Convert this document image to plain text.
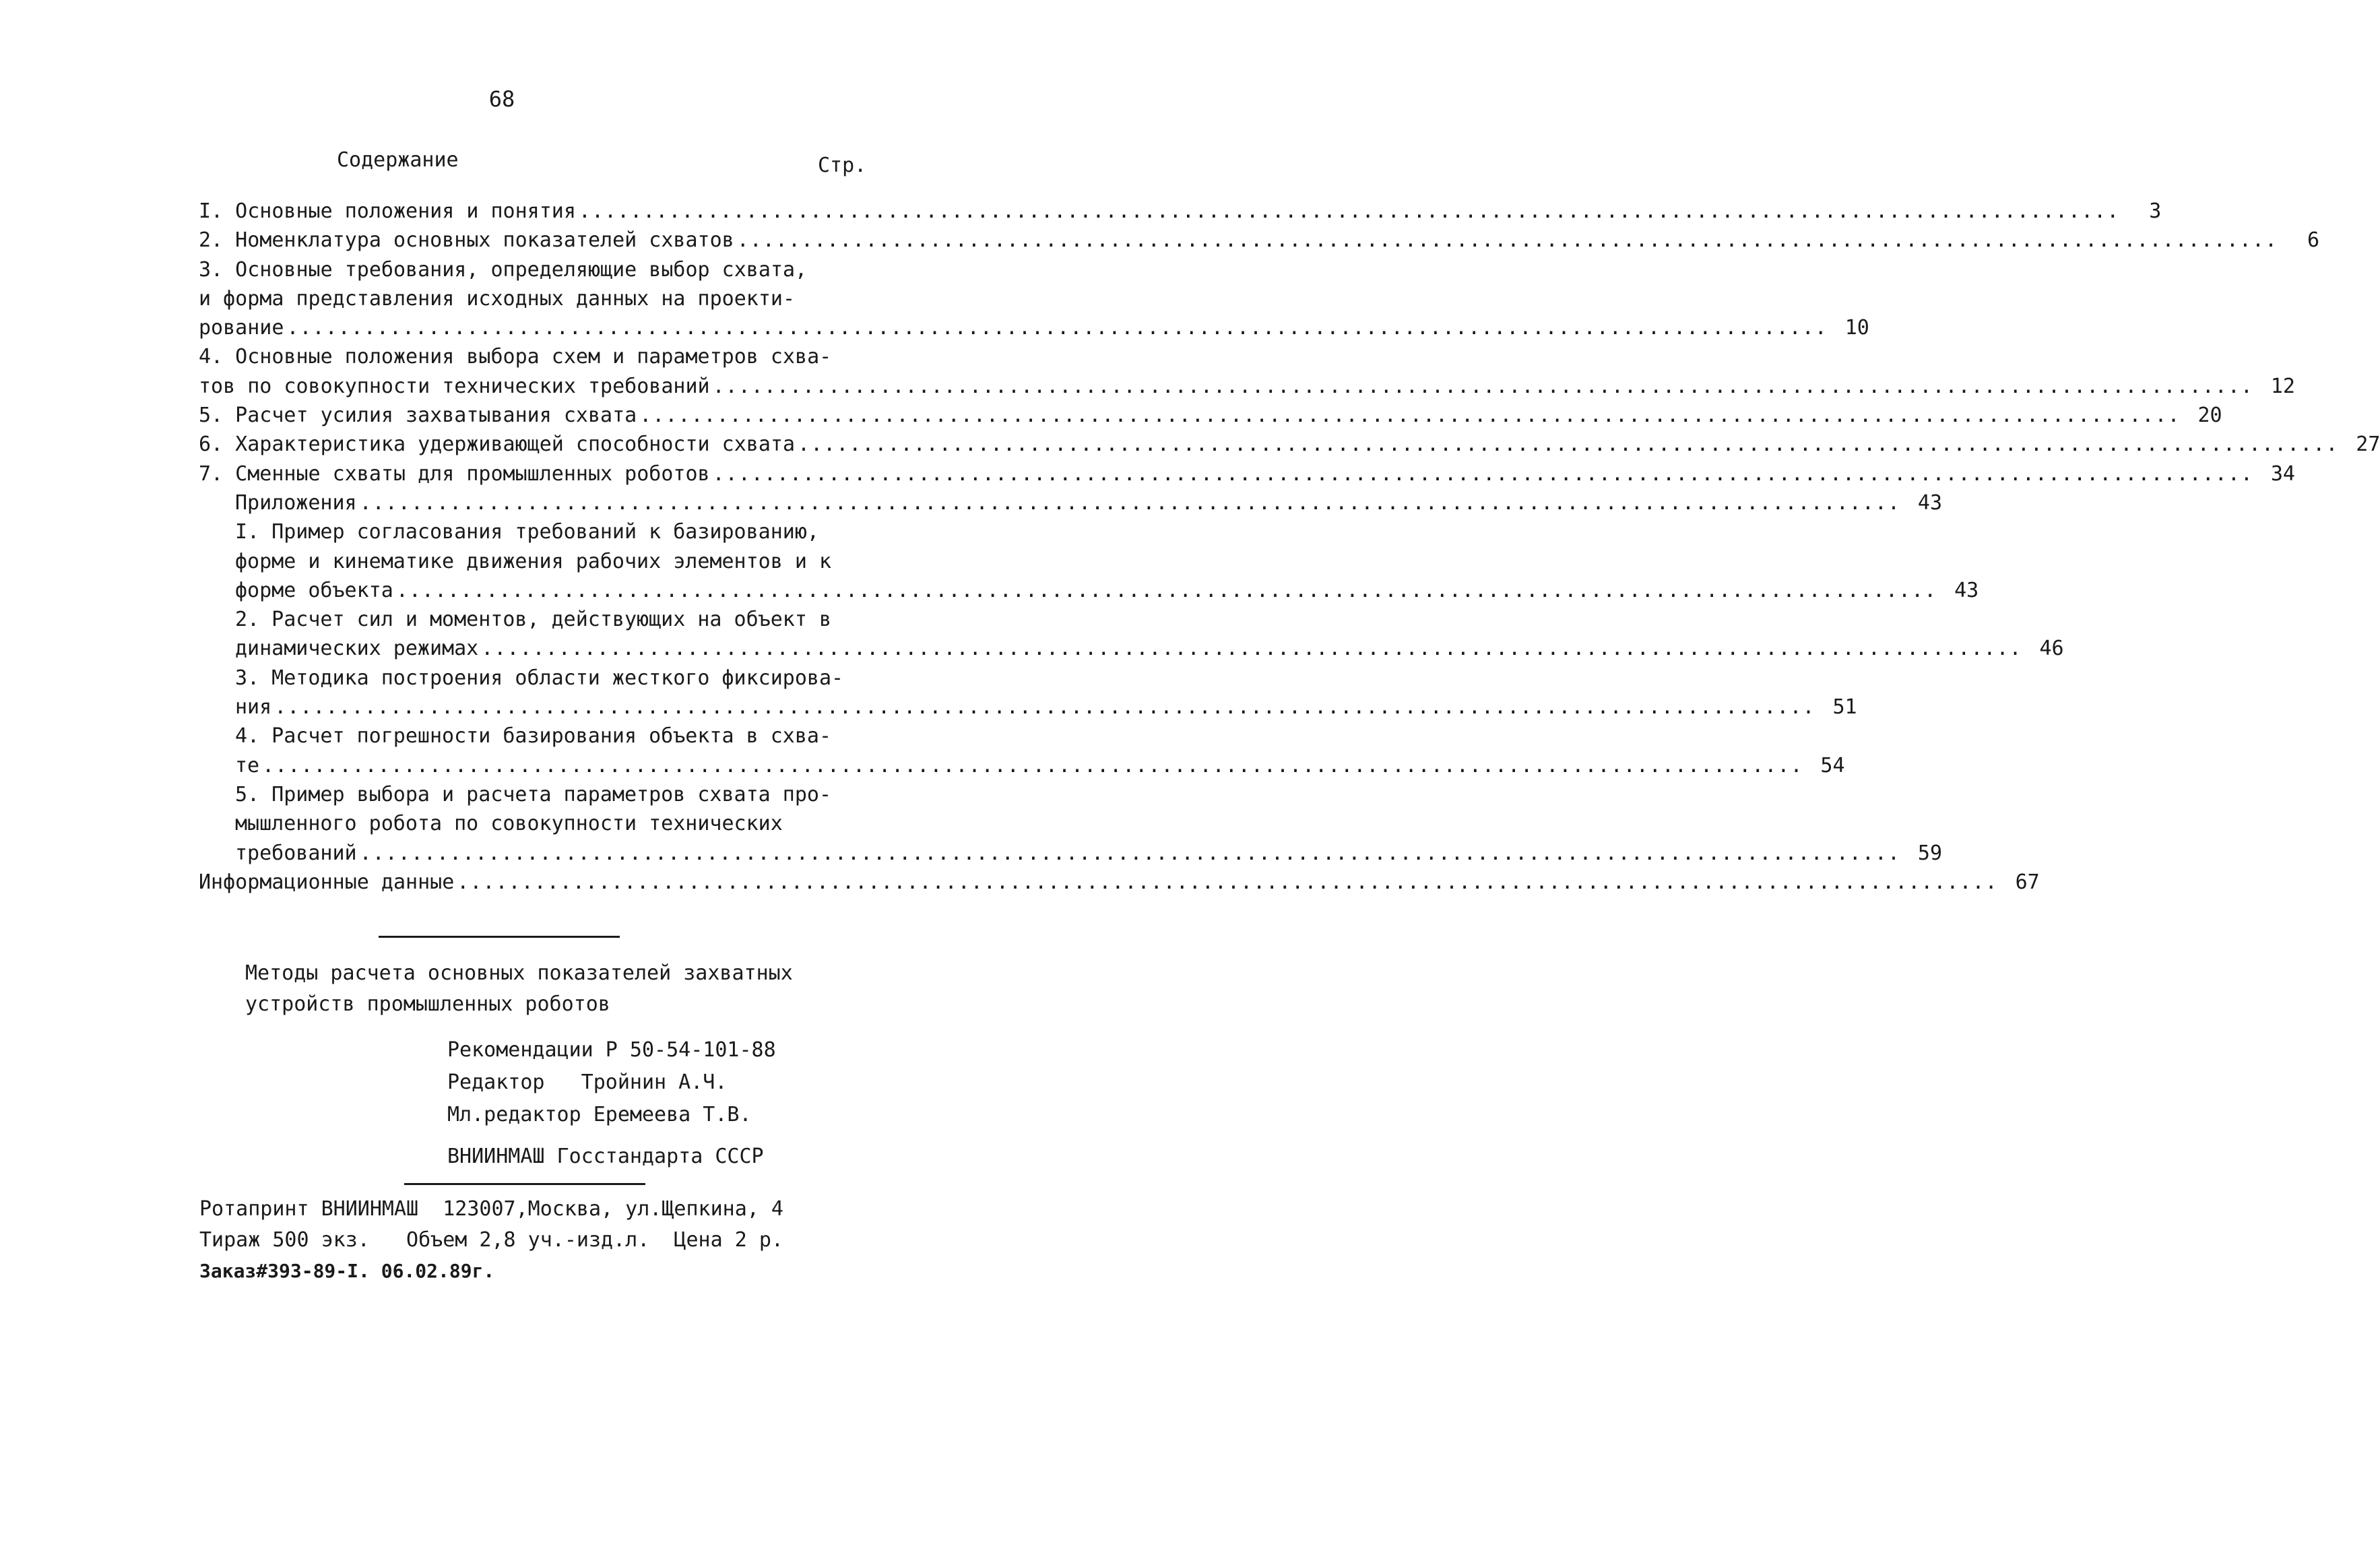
68
Содержание	Стр.
I. Основные положения и понятия ........................................................................................................................	3
2. Номенклатура основных показателей схватов ........................................................................................................................	6
3. Основные требования, определяющие выбор схвата,
и форма представления исходных данных на проекти-
рование ........................................................................................................................ 10
4. Основные положения выбора схем и параметров схва-
тов по совокупности технических требований ........................................................................................................................ 12
5. Расчет усилия захватывания схвата ........................................................................................................................ 20
6. Характеристика удерживающей способности схвата ........................................................................................................................ 27
7. Сменные схваты для промышленных роботов ........................................................................................................................ 34
Приложения ........................................................................................................................ 43
I. Пример согласования требований к базированию,
форме и кинематике движения рабочих элементов и к
форме объекта ........................................................................................................................ 43
2. Расчет сил и моментов, действующих на объект в
динамических режимах ........................................................................................................................ 46
3. Методика построения области жесткого фиксирова-
ния ........................................................................................................................ 51
4. Расчет погрешности базирования объекта в схва-
те ........................................................................................................................ 54
5. Пример выбора и расчета параметров схвата про-
мышленного робота по совокупности технических
требований ........................................................................................................................ 59
Информационные данные ........................................................................................................................ 67
Методы расчета основных показателей захватных
устройств промышленных роботов
Рекомендации Р 50-54-101-88
Редактор   Тройнин А.Ч.
Мл.редактор Еремеева Т.В.
ВНИИНМАШ Госстандарта СССР
Ротапринт ВНИИНМАШ  123007,Москва, ул.Щепкина, 4
Тираж 500 экз.   Объем 2,8 уч.-изд.л.  Цена 2 р.
Заказ#393-89-I. 06.02.89г.
